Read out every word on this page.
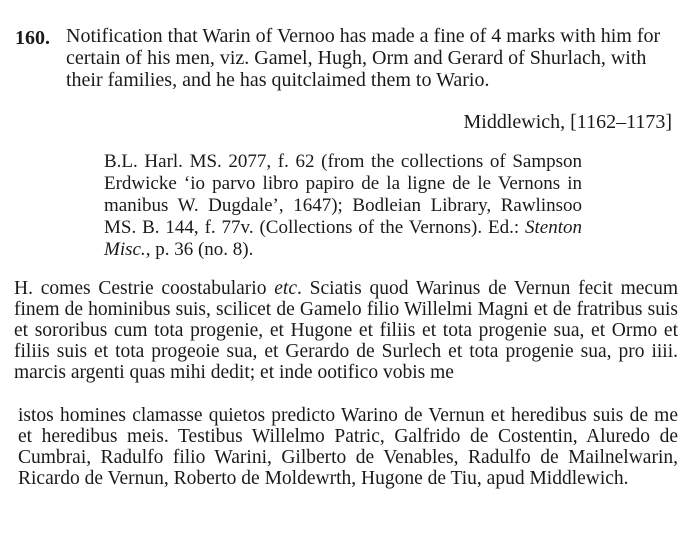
160. Notification that Warin of Vernoo has made a fine of 4 marks with him for certain of his men, viz. Gamel, Hugh, Orm and Gerard of Shurlach, with their families, and he has quitclaimed them to Wario.
Middlewich, [1162–1173]
B.L. Harl. MS. 2077, f. 62 (from the collections of Sampson Erdwicke ‘io parvo libro papiro de la ligne de le Vernons in manibus W. Dugdale’, 1647); Bodleian Library, Rawlinsoo MS. B. 144, f. 77v. (Collections of the Vernons). Ed.: Stenton Misc., p. 36 (no. 8).
H. comes Cestrie coostabulario etc. Sciatis quod Warinus de Vernun fecit mecum finem de hominibus suis, scilicet de Gamelo filio Willelmi Magni et de fratribus suis et sororibus cum tota progenie, et Hugone et filiis et tota progenie sua, et Ormo et filiis suis et tota progeoie sua, et Gerardo de Surlech et tota progenie sua, pro iiii. marcis argenti quas mihi dedit; et inde ootifico vobis me
istos homines clamasse quietos predicto Warino de Vernun et heredibus suis de me et heredibus meis. Testibus Willelmo Patric, Galfrido de Costentin, Aluredo de Cumbrai, Radulfo filio Warini, Gilberto de Venables, Radulfo de Mailnelwarin, Ricardo de Vernun, Roberto de Moldewrth, Hugone de Tiu, apud Middlewich.
